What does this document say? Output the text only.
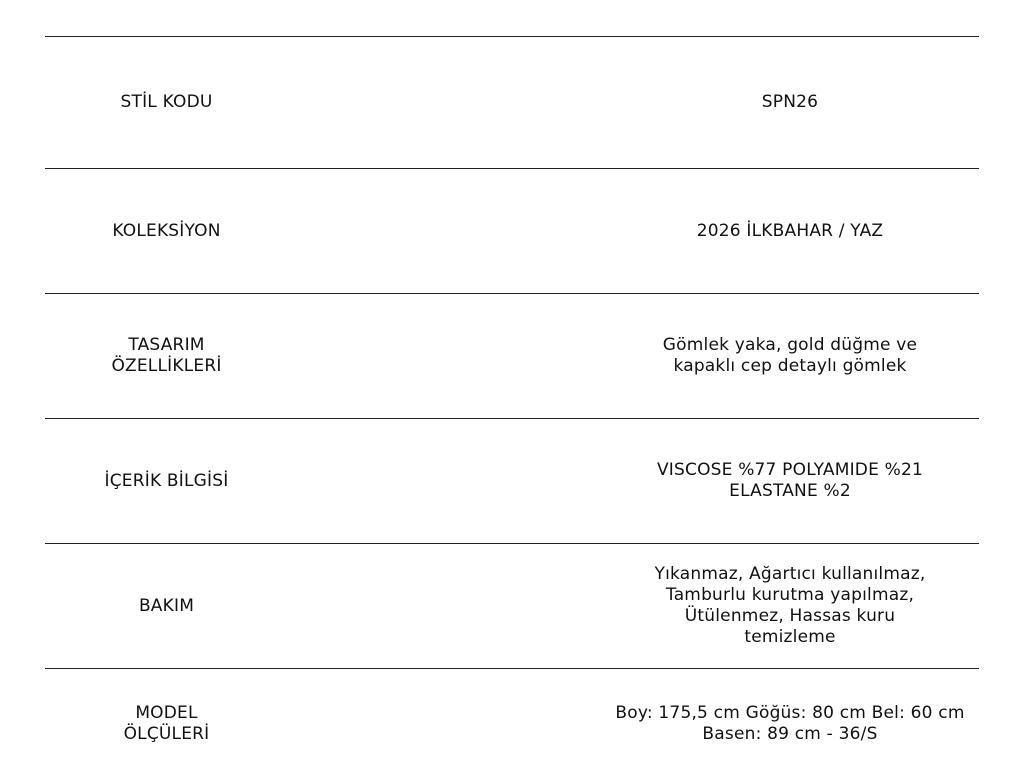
STİL KODU	SPN26
KOLEKSİYON	2026 İLKBAHAR / YAZ
TASARIM ÖZELLİKLERİ
Gömlek yaka, gold düğme ve kapaklı cep detaylı gömlek
İÇERİK BİLGİSİ
VISCOSE %77 POLYAMIDE %21 ELASTANE %2
BAKIM
Yıkanmaz, Ağartıcı kullanılmaz, Tamburlu kurutma yapılmaz, Ütülenmez, Hassas kuru temizleme
MODEL ÖLÇÜLERİ
Boy: 175,5 cm Göğüs: 80 cm Bel: 60 cm Basen: 89 cm - 36/S
